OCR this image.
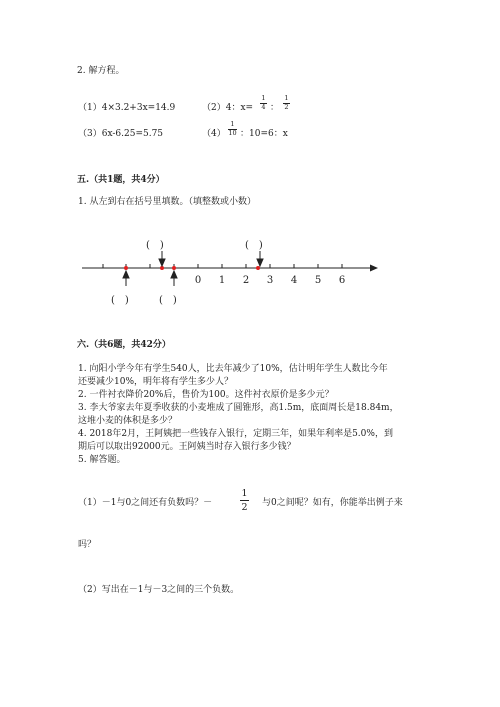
2. 解方程。
（1）4×3.2+3x=14.9	（2）4：x=
1
4 ：
1
2
（3）6x-6.25=5.75	（4）
1
10 ：10=6：x
五.（共1题，共4分）
1. 从左到右在括号里填数。（填整数或小数）
0 1 2 3 4 5 6
(　)	(　)
(　)	(　)
六.（共6题，共42分）
1. 向阳小学今年有学生540人，比去年减少了10%，估计明年学生人数比今年
还要减少10%，明年将有学生多少人？
2. 一件衬衣降价20%后，售价为100。这件衬衣原价是多少元？
3. 李大爷家去年夏季收获的小麦堆成了圆锥形，高1.5m，底面周长是18.84m，
这堆小麦的体积是多少？
4. 2018年2月，王阿姨把一些钱存入银行，定期三年，如果年利率是5.0%，到
期后可以取出92000元。王阿姨当时存入银行多少钱？
5. 解答题。
（1）－1与0之间还有负数吗？－
1
2 与0之间呢？如有，你能举出例子来
吗？
（2）写出在－1与－3之间的三个负数。
